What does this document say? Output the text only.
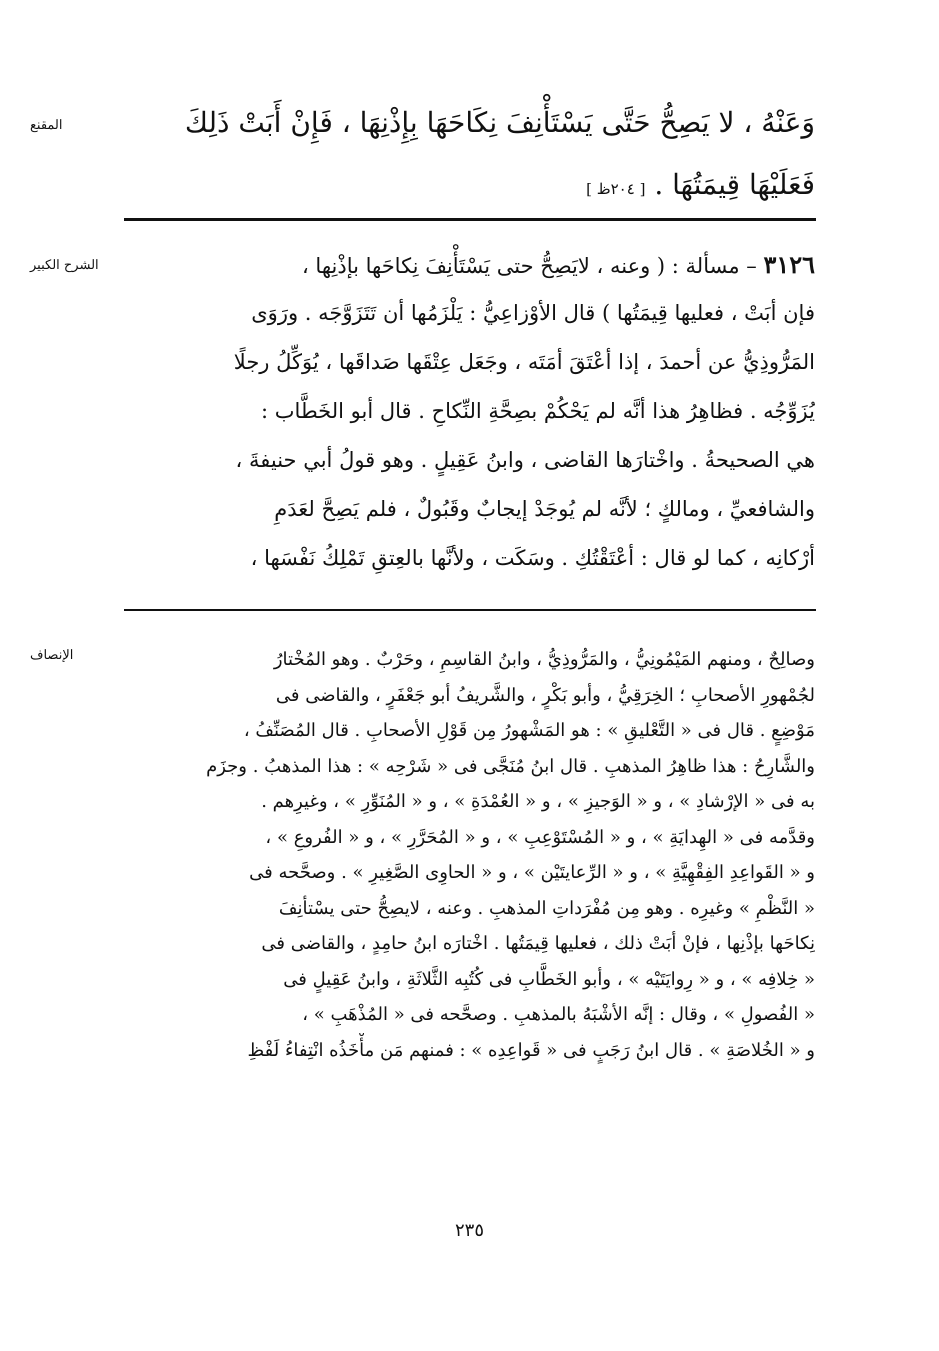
المقنع	وَعَنْهُ ، لا يَصِحُّ حَتَّى يَسْتَأْنِفَ نِكَاحَهَا بِإِذْنِهَا ، فَإِنْ أَبَتْ ذَلِكَ
فَعَلَيْهَا قِيمَتُهَا . [ ٢٠٤ظ ]
الشرح الكبير	٣١٢٦ – مسألة : ( وعنه ، لايَصِحُّ حتى يَسْتَأْنِفَ نِكاحَها بإذْنِها ،
فإن أبَتْ ، فعليها قِيمَتُها ) قال الأوْزاعِيُّ : يَلْزَمُها أن تَتَزَوَّجَه . ورَوَى
المَرُّوذِيُّ عن أحمدَ ، إذا أعْتَقَ أمَتَه ، وجَعَل عِتْقَها صَداقَها ، يُوَكِّلُ رجلًا
يُزَوِّجُه . فظاهِرُ هذا أنَّه لم يَحْكُمْ بصِحَّةِ النِّكاحِ . قال أبو الخَطَّاب :
هي الصحيحةُ . واخْتارَها القاضى ، وابنُ عَقِيلٍ . وهو قولُ أبي حنيفةَ ،
والشافعيِّ ، ومالكٍ ؛ لأنَّه لم يُوجَدْ إيجابٌ وقَبُولٌ ، فلم يَصِحَّ لعَدَمِ
أرْكانِه ، كما لو قال : أعْتَقْتُكِ . وسَكَت ، ولأنَّها بالعِتقِ تَمْلِكُ نَفْسَها ،
الإنصاف	وصالِحٌ ، ومنهم المَيْمُونِيُّ ، والمَرُّوذِيُّ ، وابنُ القاسِمِ ، وحَرْبٌ . وهو المُخْتارُ
لجُمْهورِ الأصحابِ ؛ الخِرَقِيُّ ، وأبو بَكْرٍ ، والشَّريفُ أبو جَعْفَرٍ ، والقاضى فى
مَوْضِعٍ . قال فى « التَّعْليقِ » : هو المَشْهورُ مِن قَوْلِ الأصحابِ . قال المُصَنِّفُ ،
والشَّارِحُ : هذا ظاهِرُ المذهبِ . قال ابنُ مُنَجَّى فى « شَرْحِه » : هذا المذهبُ . وجزَم
به فى « الإرْشادِ » ، و « الوَجيزِ » ، و « العُمْدَةِ » ، و « المُنَوِّرِ » ، وغيرِهم .
وقدَّمه فى « الهِدايَةِ » ، و « المُسْتَوْعِبِ » ، و « المُحَرَّرِ » ، و « الفُروعِ » ،
و « القَواعِدِ الفِقْهِيَّةِ » ، و « الرِّعايتَيْن » ، و « الحاوِى الصَّغِيرِ » . وصحَّحه فى
« النَّظْمِ » وغيرِه . وهو مِن مُفْرَداتِ المذهبِ . وعنه ، لايصِحُّ حتى يسْتأنِفَ
نِكاحَها بإذْنِها ، فإنْ أبَتْ ذلك ، فعليها قِيمَتُها . اخْتارَه ابنُ حامِدٍ ، والقاضى فى
« خِلافِه » ، و « رِوايَتَيْه » ، وأبو الخَطَّابِ فى كُتُبِه الثَّلاثَةِ ، وابنُ عَقِيلٍ فى
« الفُصولِ » ، وقال : إنَّه الأشْبَهُ بالمذهبِ . وصحَّحه فى « المُذْهَبِ » ،
و « الخُلاصَةِ » . قال ابنُ رَجَبٍ فى « قَواعِدِه » : فمنهم مَن مأْخَذُه انْتِفاءُ لَفْظِ
٢٣٥
